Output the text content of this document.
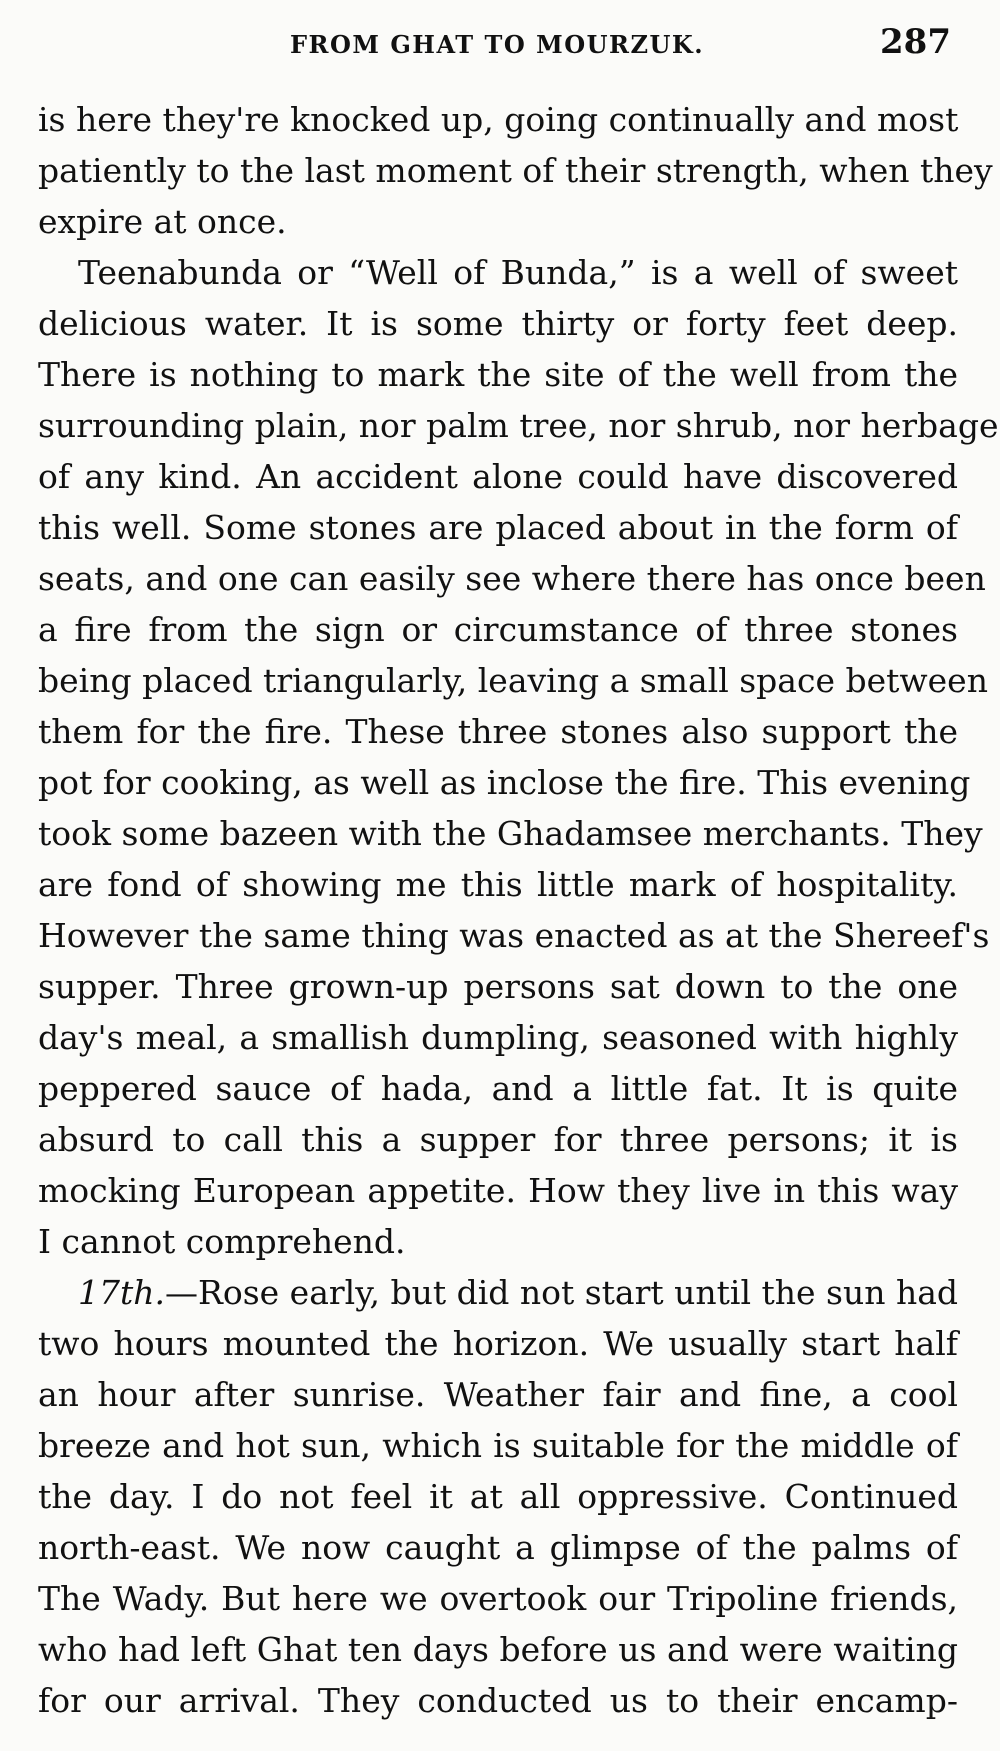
FROM GHAT TO MOURZUK.	287
is here they're knocked up, going continually and most
patiently to the last moment of their strength, when they
expire at once.
Teenabunda or “Well of Bunda,” is a well of sweet
delicious water. It is some thirty or forty feet deep.
There is nothing to mark the site of the well from the
surrounding plain, nor palm tree, nor shrub, nor herbage
of any kind. An accident alone could have discovered
this well. Some stones are placed about in the form of
seats, and one can easily see where there has once been
a fire from the sign or circumstance of three stones
being placed triangularly, leaving a small space between
them for the fire. These three stones also support the
pot for cooking, as well as inclose the fire. This evening
took some bazeen with the Ghadamsee merchants. They
are fond of showing me this little mark of hospitality.
However the same thing was enacted as at the Shereef's
supper. Three grown-up persons sat down to the one
day's meal, a smallish dumpling, seasoned with highly
peppered sauce of hada, and a little fat. It is quite
absurd to call this a supper for three persons; it is
mocking European appetite. How they live in this way
I cannot comprehend.
17th.—Rose early, but did not start until the sun had
two hours mounted the horizon. We usually start half
an hour after sunrise. Weather fair and fine, a cool
breeze and hot sun, which is suitable for the middle of
the day. I do not feel it at all oppressive. Continued
north-east. We now caught a glimpse of the palms of
The Wady. But here we overtook our Tripoline friends,
who had left Ghat ten days before us and were waiting
for our arrival. They conducted us to their encamp-
